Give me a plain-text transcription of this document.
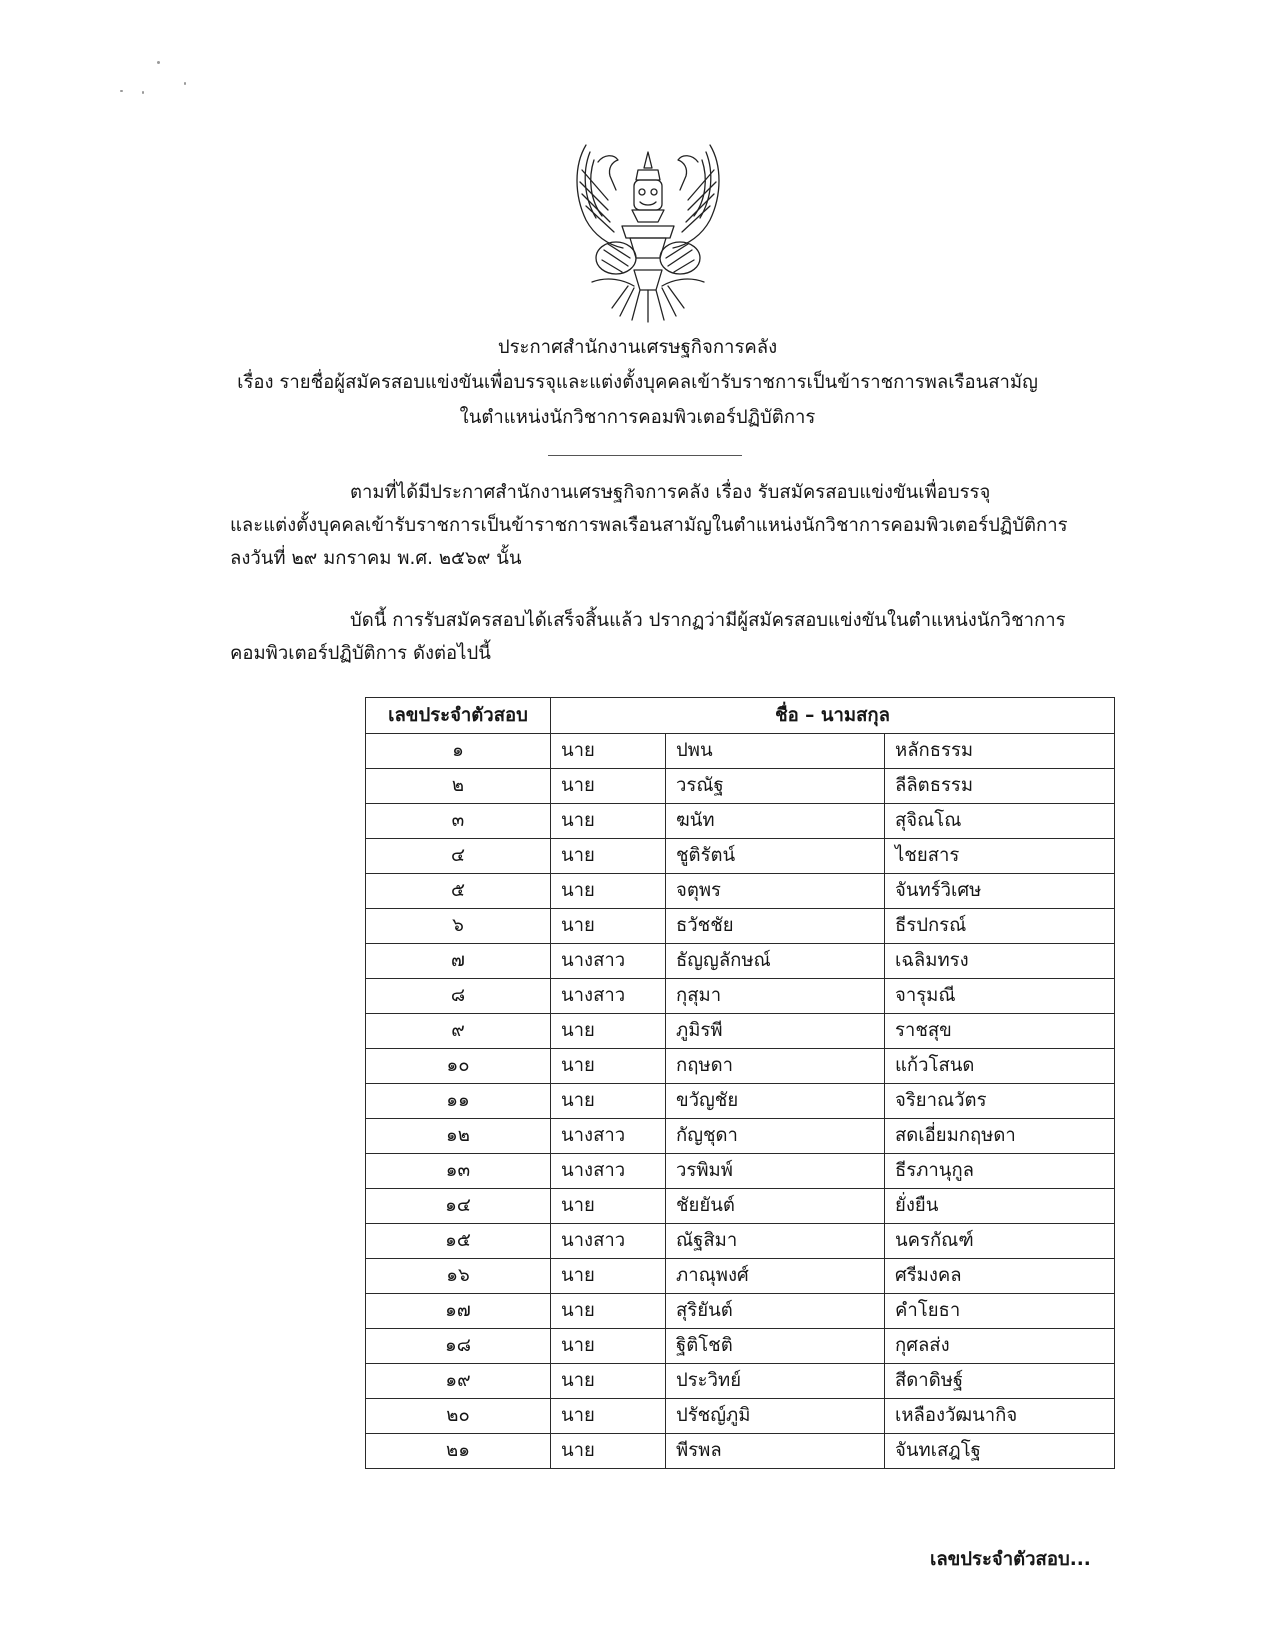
ประกาศสำนักงานเศรษฐกิจการคลัง
เรื่อง รายชื่อผู้สมัครสอบแข่งขันเพื่อบรรจุและแต่งตั้งบุคคลเข้ารับราชการเป็นข้าราชการพลเรือนสามัญ
ในตำแหน่งนักวิชาการคอมพิวเตอร์ปฏิบัติการ
ตามที่ได้มีประกาศสำนักงานเศรษฐกิจการคลัง เรื่อง รับสมัครสอบแข่งขันเพื่อบรรจุ
และแต่งตั้งบุคคลเข้ารับราชการเป็นข้าราชการพลเรือนสามัญในตำแหน่งนักวิชาการคอมพิวเตอร์ปฏิบัติการ
ลงวันที่ ๒๙ มกราคม พ.ศ. ๒๕๖๙ นั้น
บัดนี้ การรับสมัครสอบได้เสร็จสิ้นแล้ว ปรากฏว่ามีผู้สมัครสอบแข่งขันในตำแหน่งนักวิชาการ
คอมพิวเตอร์ปฏิบัติการ ดังต่อไปนี้
เลขประจำตัวสอบ	ชื่อ – นามสกุล		
๑	นาย	ปพน	หลักธรรม
๒	นาย	วรณัฐ	ลีลิตธรรม
๓	นาย	ฆนัท	สุจิณโณ
๔	นาย	ชูติรัตน์	ไชยสาร
๕	นาย	จตุพร	จันทร์วิเศษ
๖	นาย	ธวัชชัย	ธีรปกรณ์
๗	นางสาว	ธัญญลักษณ์	เฉลิมทรง
๘	นางสาว	กุสุมา	จารุมณี
๙	นาย	ภูมิรพี	ราชสุข
๑๐	นาย	กฤษดา	แก้วโสนด
๑๑	นาย	ขวัญชัย	จริยาณวัตร
๑๒	นางสาว	กัญชุดา	สดเอี่ยมกฤษดา
๑๓	นางสาว	วรพิมพ์	ธีรภานุกูล
๑๔	นาย	ชัยยันต์	ยั่งยืน
๑๕	นางสาว	ณัฐสิมา	นครกัณฑ์
๑๖	นาย	ภาณุพงศ์	ศรีมงคล
๑๗	นาย	สุริยันต์	คำโยธา
๑๘	นาย	ฐิติโชติ	กุศลส่ง
๑๙	นาย	ประวิทย์	สีดาดิษฐ์
๒๐	นาย	ปรัชญ์ภูมิ	เหลืองวัฒนากิจ
๒๑	นาย	พีรพล	จันทเสฎโฐ
เลขประจำตัวสอบ...
